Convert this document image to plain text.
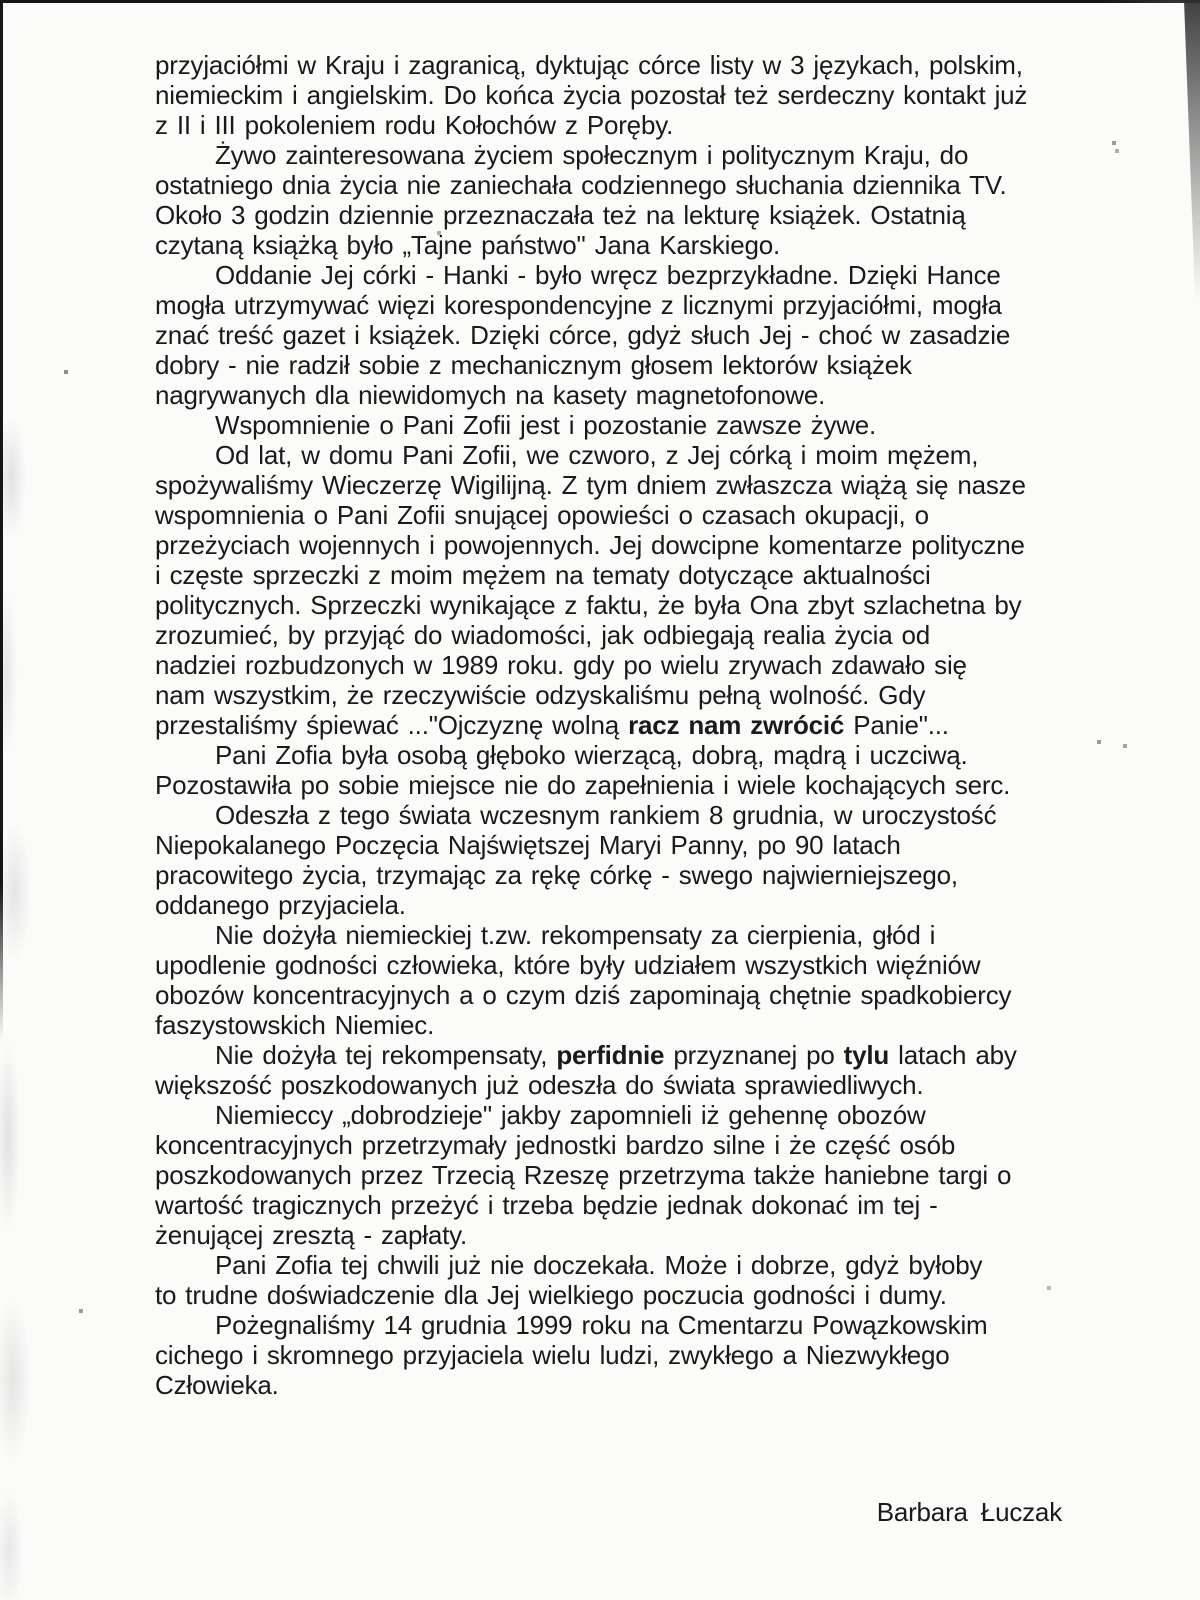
przyjaciółmi w Kraju i zagranicą, dyktując córce listy w 3 językach, polskim,
niemieckim i angielskim. Do końca życia pozostał też serdeczny kontakt już
z II i III pokoleniem rodu Kołochów z Poręby.
Żywo zainteresowana życiem społecznym i politycznym Kraju, do
ostatniego dnia życia nie zaniechała codziennego słuchania dziennika TV.
Około 3 godzin dziennie przeznaczała też na lekturę książek. Ostatnią
czytaną książką było „Tajne państwo" Jana Karskiego.
Oddanie Jej córki - Hanki - było wręcz bezprzykładne. Dzięki Hance
mogła utrzymywać więzi korespondencyjne z licznymi przyjaciółmi, mogła
znać treść gazet i książek. Dzięki córce, gdyż słuch Jej - choć w zasadzie
dobry - nie radził sobie z mechanicznym głosem lektorów książek
nagrywanych dla niewidomych na kasety magnetofonowe.
Wspomnienie o Pani Zofii jest i pozostanie zawsze żywe.
Od lat, w domu Pani Zofii, we czworo, z Jej córką i moim mężem,
spożywaliśmy Wieczerzę Wigilijną. Z tym dniem zwłaszcza wiążą się nasze
wspomnienia o Pani Zofii snującej opowieści o czasach okupacji, o
przeżyciach wojennych i powojennych. Jej dowcipne komentarze polityczne
i częste sprzeczki z moim mężem na tematy dotyczące aktualności
politycznych. Sprzeczki wynikające z faktu, że była Ona zbyt szlachetna by
zrozumieć, by przyjąć do wiadomości, jak odbiegają realia życia od
nadziei rozbudzonych w 1989 roku. gdy po wielu zrywach zdawało się
nam wszystkim, że rzeczywiście odzyskaliśmu pełną wolność. Gdy
przestaliśmy śpiewać ..."Ojczyznę wolną racz nam zwrócić Panie"...
Pani Zofia była osobą głęboko wierzącą, dobrą, mądrą i uczciwą.
Pozostawiła po sobie miejsce nie do zapełnienia i wiele kochających serc.
Odeszła z tego świata wczesnym rankiem 8 grudnia, w uroczystość
Niepokalanego Poczęcia Najświętszej Maryi Panny, po 90 latach
pracowitego życia, trzymając za rękę córkę - swego najwierniejszego,
oddanego przyjaciela.
Nie dożyła niemieckiej t.zw. rekompensaty za cierpienia, głód i
upodlenie godności człowieka, które były udziałem wszystkich więźniów
obozów koncentracyjnych a o czym dziś zapominają chętnie spadkobiercy
faszystowskich Niemiec.
Nie dożyła tej rekompensaty, perfidnie przyznanej po tylu latach aby
większość poszkodowanych już odeszła do świata sprawiedliwych.
Niemieccy „dobrodzieje" jakby zapomnieli iż gehennę obozów
koncentracyjnych przetrzymały jednostki bardzo silne i że część osób
poszkodowanych przez Trzecią Rzeszę przetrzyma także haniebne targi o
wartość tragicznych przeżyć i trzeba będzie jednak dokonać im tej -
żenującej zresztą - zapłaty.
Pani Zofia tej chwili już nie doczekała. Może i dobrze, gdyż byłoby
to trudne doświadczenie dla Jej wielkiego poczucia godności i dumy.
Pożegnaliśmy 14 grudnia 1999 roku na Cmentarzu Powązkowskim
cichego i skromnego przyjaciela wielu ludzi, zwykłego a Niezwykłego
Człowieka.
Barbara Łuczak
